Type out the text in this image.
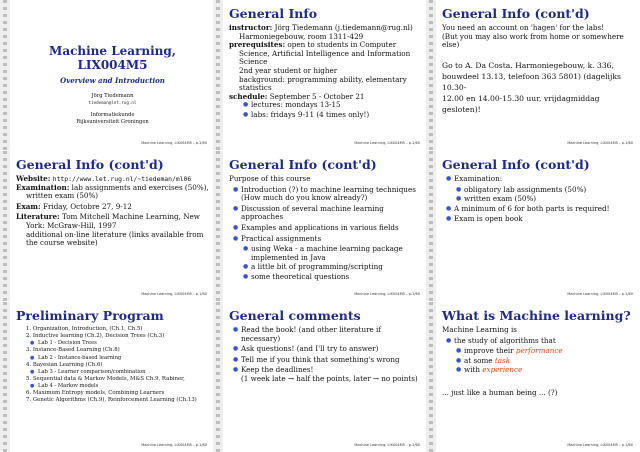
Machine Learning, LIX004M5
Overview and Introduction
Jörg Tiedemann
tiedeman@let.rug.nl
Informatiekunde
Rijksuniversiteit Groningen
Machine Learning, LIX004M5 – p.1/60
General Info
instructor: Jörg Tiedemann (j.tiedemann@rug.nl)
Harmoniegebouw, room 1311-429
prerequisites: open to students in Computer
Science, Artificial Intelligence and Information
Science
2nd year student or higher
background: programming ability, elementary
statistics
schedule: September 5 - October 21
● lectures: mondays 13-15
● labs: fridays 9-11 (4 times only!)
Machine Learning, LIX004M5 – p.1/60
General Info (cont'd)
You need an account on 'hagen' for the labs!
(But you may also work from home or somewhere
else)
Go to A. Da Costa. Harmoniegebouw, k. 336,
bouwdeel 13.13, telefoon 363 5801) (dagelijks 10.30-
12.00 en 14.00-15.30 uur, vrijdagmiddag gesloten)!
Machine Learning, LIX004M5 – p.1/60
General Info (cont'd)
Website: http://www.let.rug.nl/~tiedeman/ml06
Examination: lab assignments and exercises (50%),
written exam (50%)
Exam: Friday, Octobre 27, 9-12
Literature: Tom Mitchell Machine Learning, New
York: McGraw-Hill, 1997
additional on-line literature (links available from
the course website)
Machine Learning, LIX004M5 – p.1/60
General Info (cont'd)
Purpose of this course
● Introduction (?) to machine learning techniques (How much do you know already?)
● Discussion of several machine learning approaches
● Examples and applications in various fields
● Practical assignments
● using Weka - a machine learning package implemented in Java
● a little bit of programming/scripting
● some theoretical questions
Machine Learning, LIX004M5 – p.1/60
General Info (cont'd)
● Examination:
● obligatory lab assignments (50%)
● written exam (50%)
● A minimum of 6 for both parts is required!
● Exam is open book
Machine Learning, LIX004M5 – p.1/60
Preliminary Program
1. Organization, Introduction, (Ch.1, Ch.5)
2. Inductive learning (Ch.2), Decision Trees (Ch.3)
● Lab 1 - Decision Trees
3. Instance-Based Learning (Ch.8)
● Lab 2 - Instance-based learning
4. Bayesian Learning (Ch.6)
● Lab 3 - Learner comparison/combination
5. Sequential data & Markov Models, M&S Ch.9, Rabiner,
● Lab 4 - Markov models
6. Maximum Entropy models, Combining Learners
7. Genetic Algorithms (Ch.9), Reinforcement Learning (Ch.13)
Machine Learning, LIX004M5 – p.1/60
General comments
● Read the book! (and other literature if necessary)
● Ask questions! (and I'll try to answer)
● Tell me if you think that something's wrong
● Keep the deadlines!
(1 week late → half the points, later → no points)
Machine Learning, LIX004M5 – p.1/60
What is Machine learning?
Machine Learning is
● the study of algorithms that
● improve their performance
● at some task
● with experience
... just like a human being ... (?)
Machine Learning, LIX004M5 – p.1/60
